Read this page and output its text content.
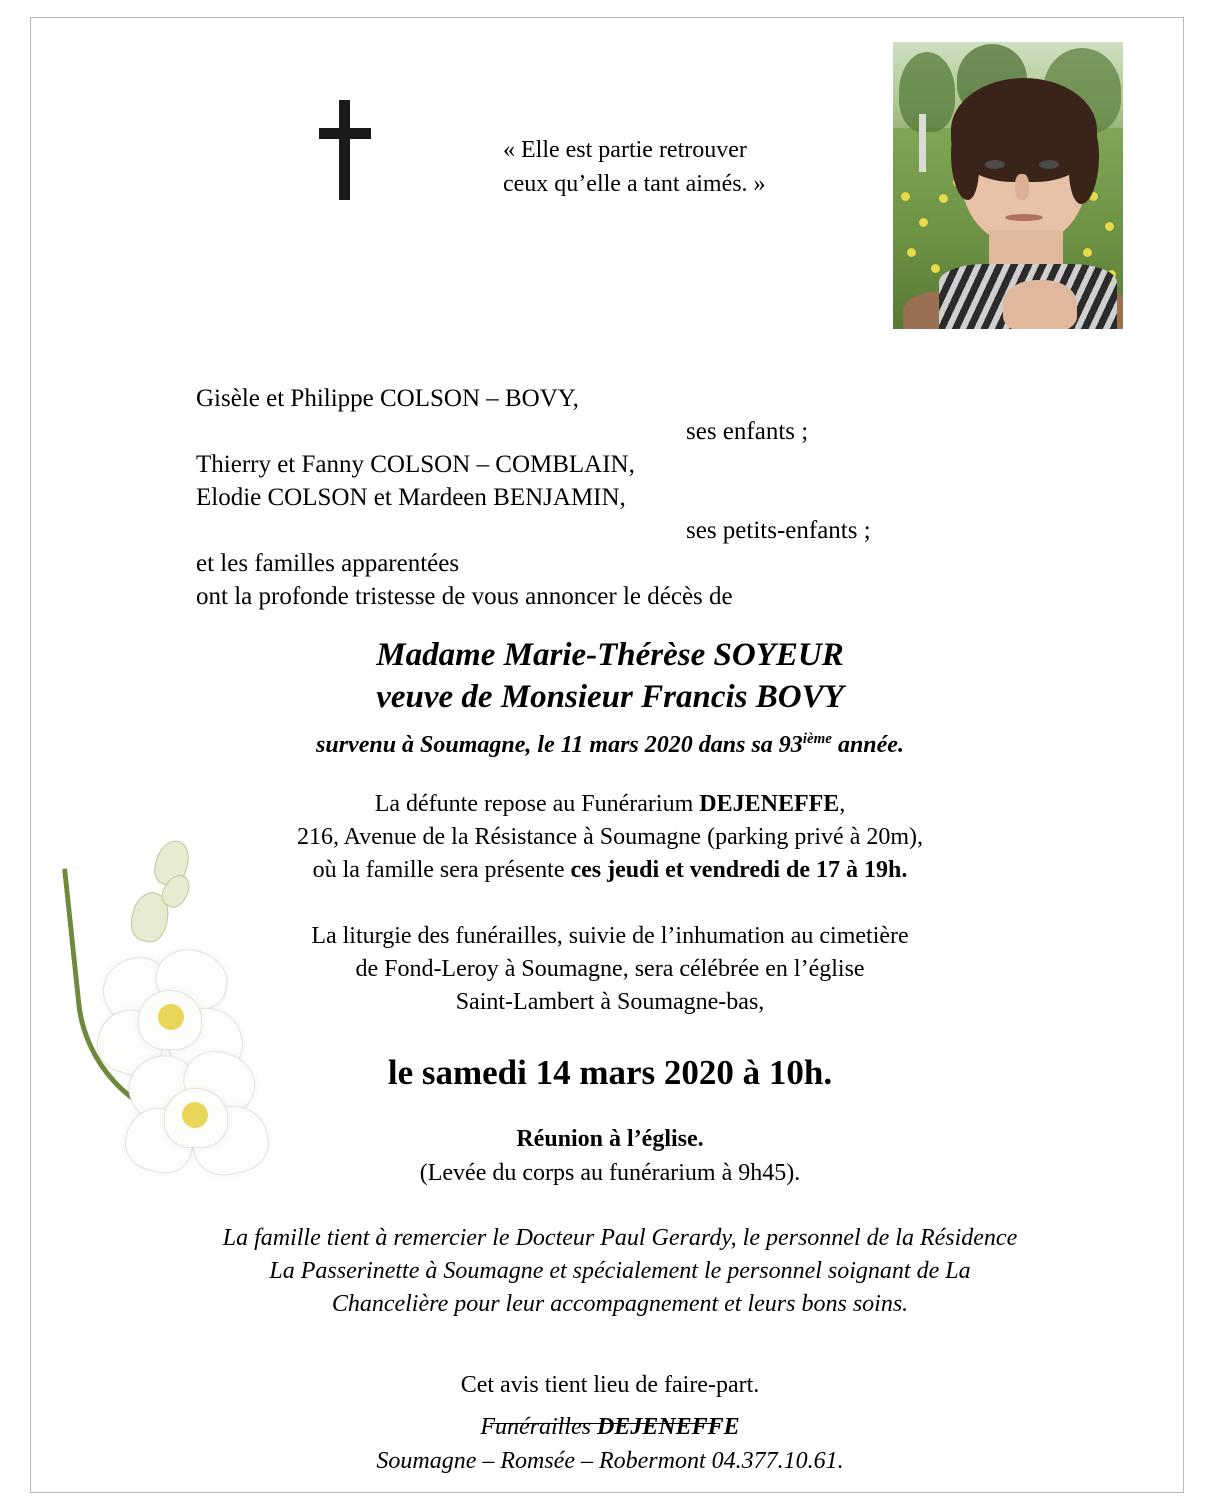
« Elle est partie retrouver
ceux qu’elle a tant aimés. »
Gisèle et Philippe COLSON – BOVY,
ses enfants ;
Thierry et Fanny COLSON – COMBLAIN,
Elodie COLSON et Mardeen BENJAMIN,
ses petits-enfants ;
et les familles apparentées
ont la profonde tristesse de vous annoncer le décès de
Madame Marie-Thérèse SOYEUR
veuve de Monsieur Francis BOVY
survenu à Soumagne, le 11 mars 2020 dans sa 93ième année.
La défunte repose au Funérarium DEJENEFFE,
216, Avenue de la Résistance à Soumagne (parking privé à 20m),
où la famille sera présente ces jeudi et vendredi de 17 à 19h.
La liturgie des funérailles, suivie de l’inhumation au cimetière
de Fond-Leroy à Soumagne, sera célébrée en l’église
Saint-Lambert à Soumagne-bas,
le samedi 14 mars 2020 à 10h.
Réunion à l’église.
(Levée du corps au funérarium à 9h45).
La famille tient à remercier le Docteur Paul Gerardy, le personnel de la Résidence
La Passerinette à Soumagne et spécialement le personnel soignant de La
Chancelière pour leur accompagnement et leurs bons soins.
Cet avis tient lieu de faire-part.
Funérailles DEJENEFFE
Soumagne – Romsée – Robermont 04.377.10.61.
